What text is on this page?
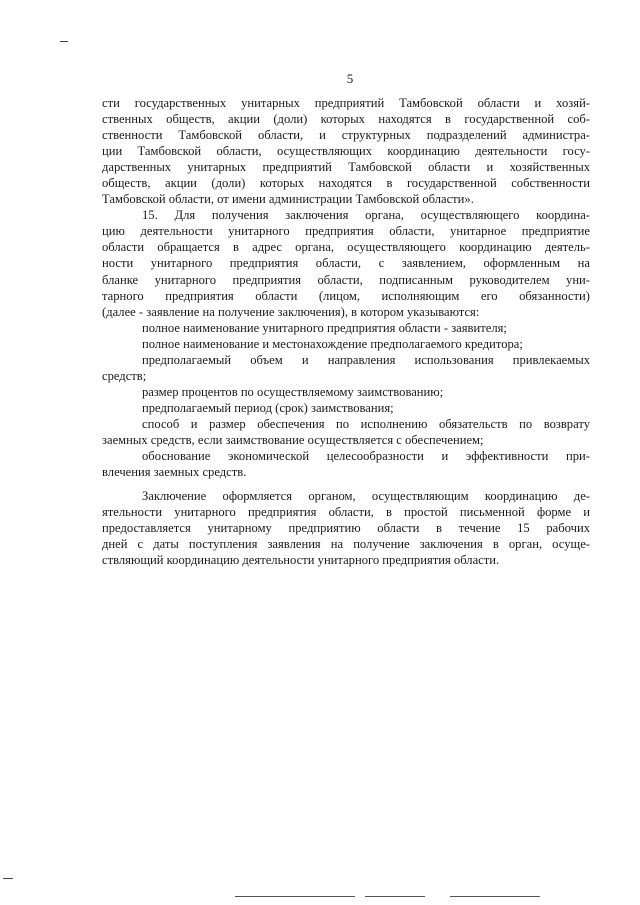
5
сти государственных унитарных предприятий Тамбовской области и хозяй-
ственных обществ, акции (доли) которых находятся в государственной соб-
ственности Тамбовской области, и структурных подразделений администра-
ции Тамбовской области, осуществляющих координацию деятельности госу-
дарственных унитарных предприятий Тамбовской области и хозяйственных
обществ, акции (доли) которых находятся в государственной собственности
Тамбовской области, от имени администрации Тамбовской области».
15. Для получения заключения органа, осуществляющего координа-
цию деятельности унитарного предприятия области, унитарное предприятие
области обращается в адрес органа, осуществляющего координацию деятель-
ности унитарного предприятия области, с заявлением, оформленным на
бланке унитарного предприятия области, подписанным руководителем уни-
тарного предприятия области (лицом, исполняющим его обязанности)
(далее - заявление на получение заключения), в котором указываются:
полное наименование унитарного предприятия области - заявителя;
полное наименование и местонахождение предполагаемого кредитора;
предполагаемый объем и направления использования привлекаемых
средств;
размер процентов по осуществляемому заимствованию;
предполагаемый период (срок) заимствования;
способ и размер обеспечения по исполнению обязательств по возврату
заемных средств, если заимствование осуществляется с обеспечением;
обоснование экономической целесообразности и эффективности при-
влечения заемных средств.
Заключение оформляется органом, осуществляющим координацию де-
ятельности унитарного предприятия области, в простой письменной форме и
предоставляется унитарному предприятию области в течение 15 рабочих
дней с даты поступления заявления на получение заключения в орган, осуще-
ствляющий координацию деятельности унитарного предприятия области.
